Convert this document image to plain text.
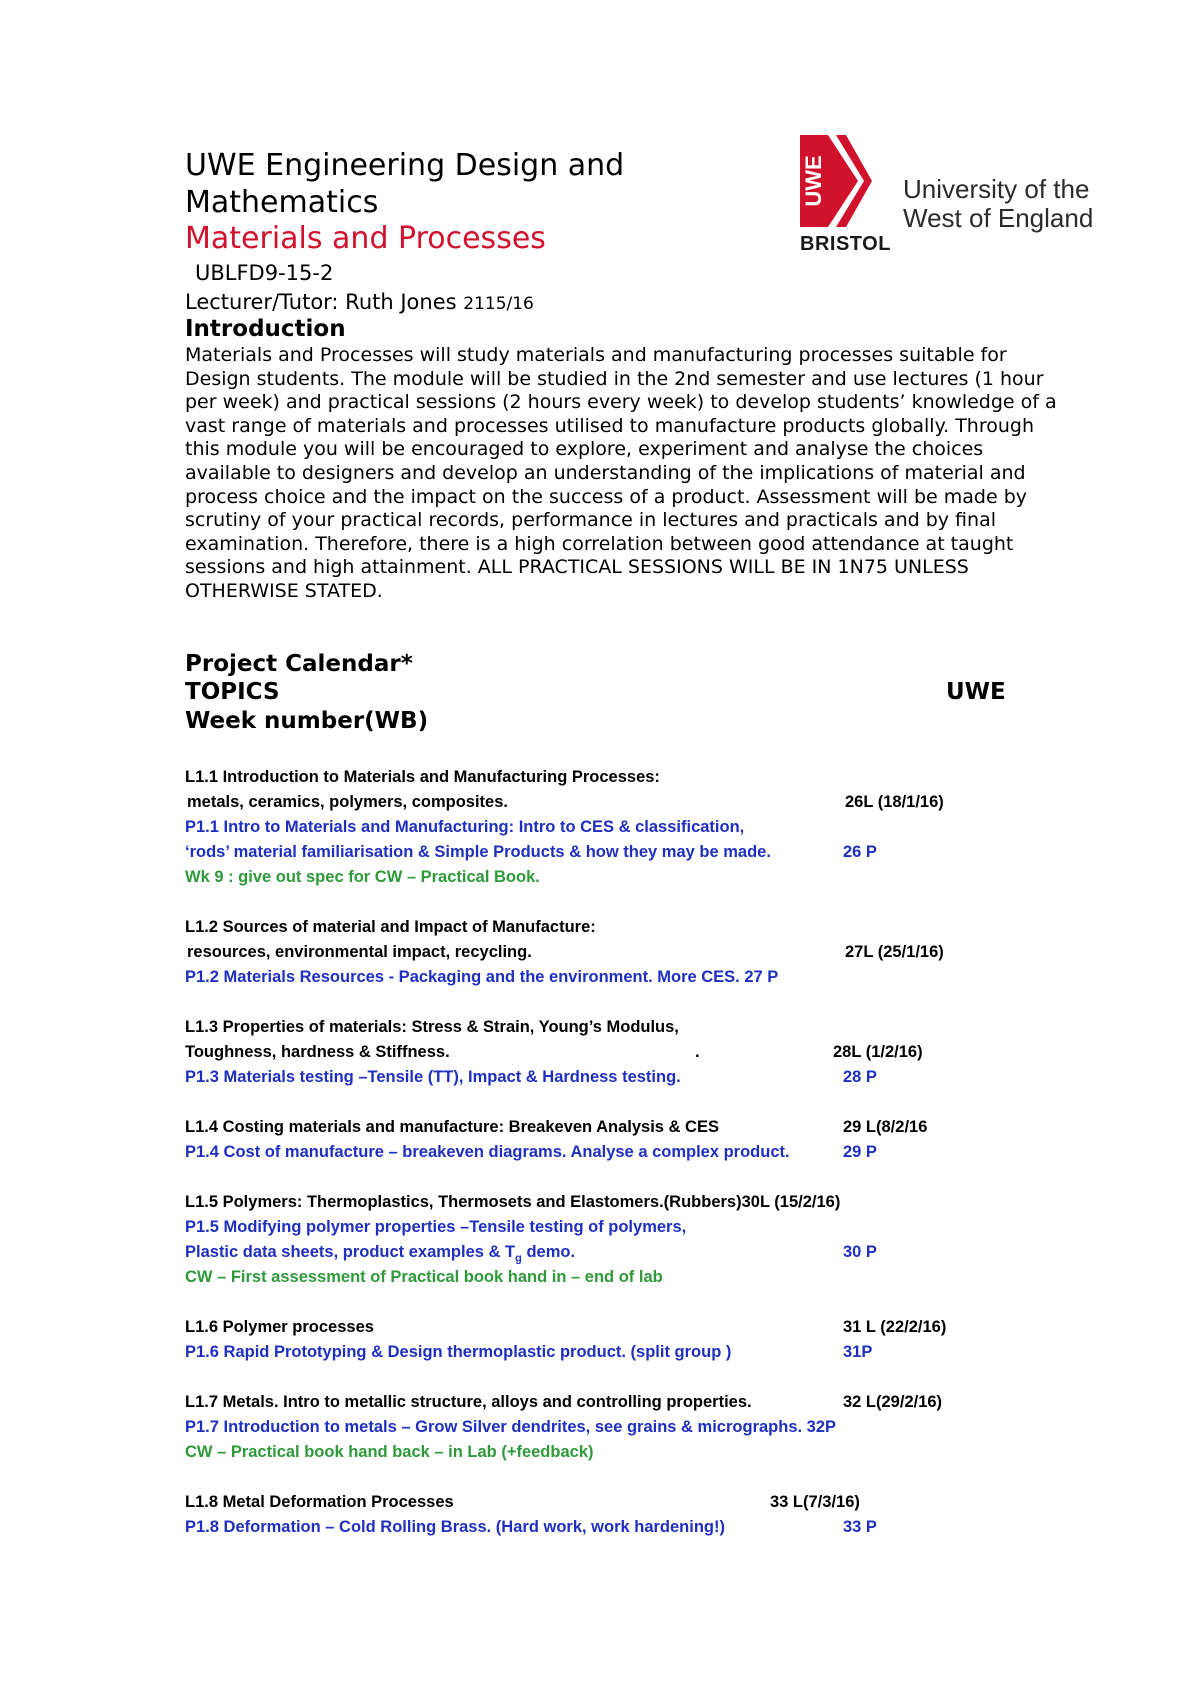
UWE Engineering Design and
Mathematics
Materials and Processes
UBLFD9-15-2
Lecturer/Tutor: Ruth Jones 2115/16
UWE
BRISTOL
University of the
West of England
Introduction
Materials and Processes will study materials and manufacturing processes suitable for Design students. The module will be studied in the 2nd semester and use lectures (1 hour per week) and practical sessions (2 hours every week) to develop students’ knowledge of a vast range of materials and processes utilised to manufacture products globally. Through this module you will be encouraged to explore, experiment and analyse the choices available to designers and develop an understanding of the implications of material and process choice and the impact on the success of a product. Assessment will be made by scrutiny of your practical records, performance in lectures and practicals and by final examination. Therefore, there is a high correlation between good attendance at taught sessions and high attainment. ALL PRACTICAL SESSIONS WILL BE IN 1N75 UNLESS OTHERWISE STATED.
Project Calendar*
TOPICS	UWE
Week number(WB)
L1.1 Introduction to Materials and Manufacturing Processes:
metals, ceramics, polymers, composites.	26L (18/1/16)
P1.1 Intro to Materials and Manufacturing: Intro to CES & classification,
‘rods’ material familiarisation & Simple Products & how they may be made.	26 P
Wk 9 : give out spec for CW – Practical Book.
L1.2 Sources of material and Impact of Manufacture:
resources, environmental impact, recycling.	27L (25/1/16)
P1.2 Materials Resources - Packaging and the environment. More CES. 27 P
L1.3 Properties of materials: Stress & Strain, Young’s Modulus,
Toughness, hardness & Stiffness.	.	28L (1/2/16)
P1.3 Materials testing –Tensile (TT), Impact & Hardness testing.	28 P
L1.4 Costing materials and manufacture: Breakeven Analysis & CES	29 L(8/2/16
P1.4 Cost of manufacture – breakeven diagrams. Analyse a complex product.	29 P
L1.5 Polymers: Thermoplastics, Thermosets and Elastomers.(Rubbers)30L (15/2/16)
P1.5 Modifying polymer properties –Tensile testing of polymers,
Plastic data sheets, product examples & $T_g$ demo.	30 P
CW – First assessment of Practical book hand in – end of lab
L1.6 Polymer processes	31 L (22/2/16)
P1.6 Rapid Prototyping & Design thermoplastic product. (split group )	31P
L1.7 Metals. Intro to metallic structure, alloys and controlling properties.	32 L(29/2/16)
P1.7 Introduction to metals – Grow Silver dendrites, see grains & micrographs. 32P
CW – Practical book hand back – in Lab (+feedback)
L1.8 Metal Deformation Processes	33 L(7/3/16)
P1.8 Deformation – Cold Rolling Brass. (Hard work, work hardening!)	33 P
